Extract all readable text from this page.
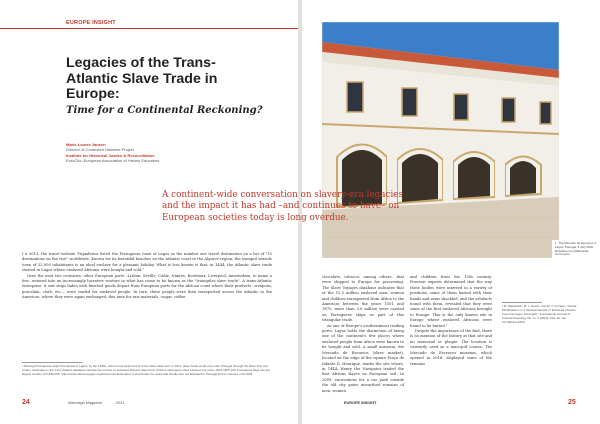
EUROPE INSIGHT
Legacies of the Trans-Atlantic Slave Trade in Europe:
Time for a Continental Reckoning?
Marie-Louise Jansen
Director of Contested Histories Project
Institute for Historical Justice & Reconciliation
EuroClio–European Association of History Educators

I n 2013, the travel website Tripadvisor listed the Portuguese town of Lagos as the number one travel destination on a list of "15 destinations on the rise" worldwide. Known for its beautiful beaches on the Atlantic coast in the Algarve region, the tranquil seaside town of 22,000 inhabitants is an ideal enclave for a pleasant holiday. What is less known is that, in 1444, the Atlantic slave trade started in Lagos where enslaved Africans were bought and sold.¹

Over the next two centuries, other European ports –Lisbon, Seville, Cádiz, Nantes, Bordeaux, Liverpool, Amsterdam, to name a few– entered into an increasingly lucrative venture in what has come to be known as the "triangular slave trade". A trans-Atlantic enterprise, it saw ships laden with finished goods depart from European ports for the African coast where their products –weapons, porcelain, cloth, etc.,– were traded for enslaved people. In turn, these people were then transported across the Atlantic to the Americas, where they were again exchanged, this time for raw materials –sugar, coffee,

¹ Although Portuguese ships first landed in Lagos, by the 1480s, Lisbon took focal control of the slave trade and, in 1512, slave boats could only enter Portugal through the River Tejo into Lisbon. Estimates in the trans-Atlantic database indicate the number of enslaved Africans taken from Africa by European ships between the years 1501-1875 with Portuguese flags has the largest number of 5,848,266. https://www.slavevoyages.org/assessment/estimates It should also be noted that Seville was not allocated in Portugal and its colonies until 1669.

24	Wavelagh Magazine	2021

A continent-wide conversation on slavery-era legacies and the impact it has had –and continues to have– on European societies today is long overdue.

1. The Mercado de Escravos in Lagos, Portugal, 9 July 2020. Rosetime.net (Wikimedia Commons)

chocolate, tobacco, among others– that were shipped to Europe for processing. The Slave Voyages database indicates that of the 12.5 million enslaved men, women and children transported from Africa to the Americas between the years 1501 and 1875, more than 5.8 million were carried on Portuguese ships as part of this triangular trade.

As one of Europe's southernmost trading ports, Lagos holds the distinction of being one of the continent's few places where enslaved people from Africa were known to be bought and sold. A small museum, the Mercado de Escravos (slave market), located on the edge of the square Praça de Infante D. Henrique, marks the site where, in 1444, Henry the Navigator traded the first African slaves on European soil. In 2009, excavations for a car park outside the old city gates unearthed remains of men, women

and children from the 15th century. Forensic experts determined that the way these bodies were interred in a variety of positions, some of them buried with their hands and arms shackled, and the artefacts found with them, revealed that they were some of the first enslaved Africans brought to Europe. This is the only known site in Europe where enslaved Africans were found to be buried.²

Despite the importance of the find, there is no mention of the history at that site and no memorial or plaque. The location is currently used as a mini-golf course. The Mercado de Escravos museum, which opened in 2016, displayed some of the remains

² M. Wasterlain, M. J. Neves, and M. T. Ferreira, "Dental Modifications in a Skeletal Sample of Enslaved Africans Found at Lagos (Portugal)", International Journal of Osteoarchaeology 26, no. 4 (2016): 621–32. doi: 10.1002/oa.2453.

EUROPE INSIGHT	25
